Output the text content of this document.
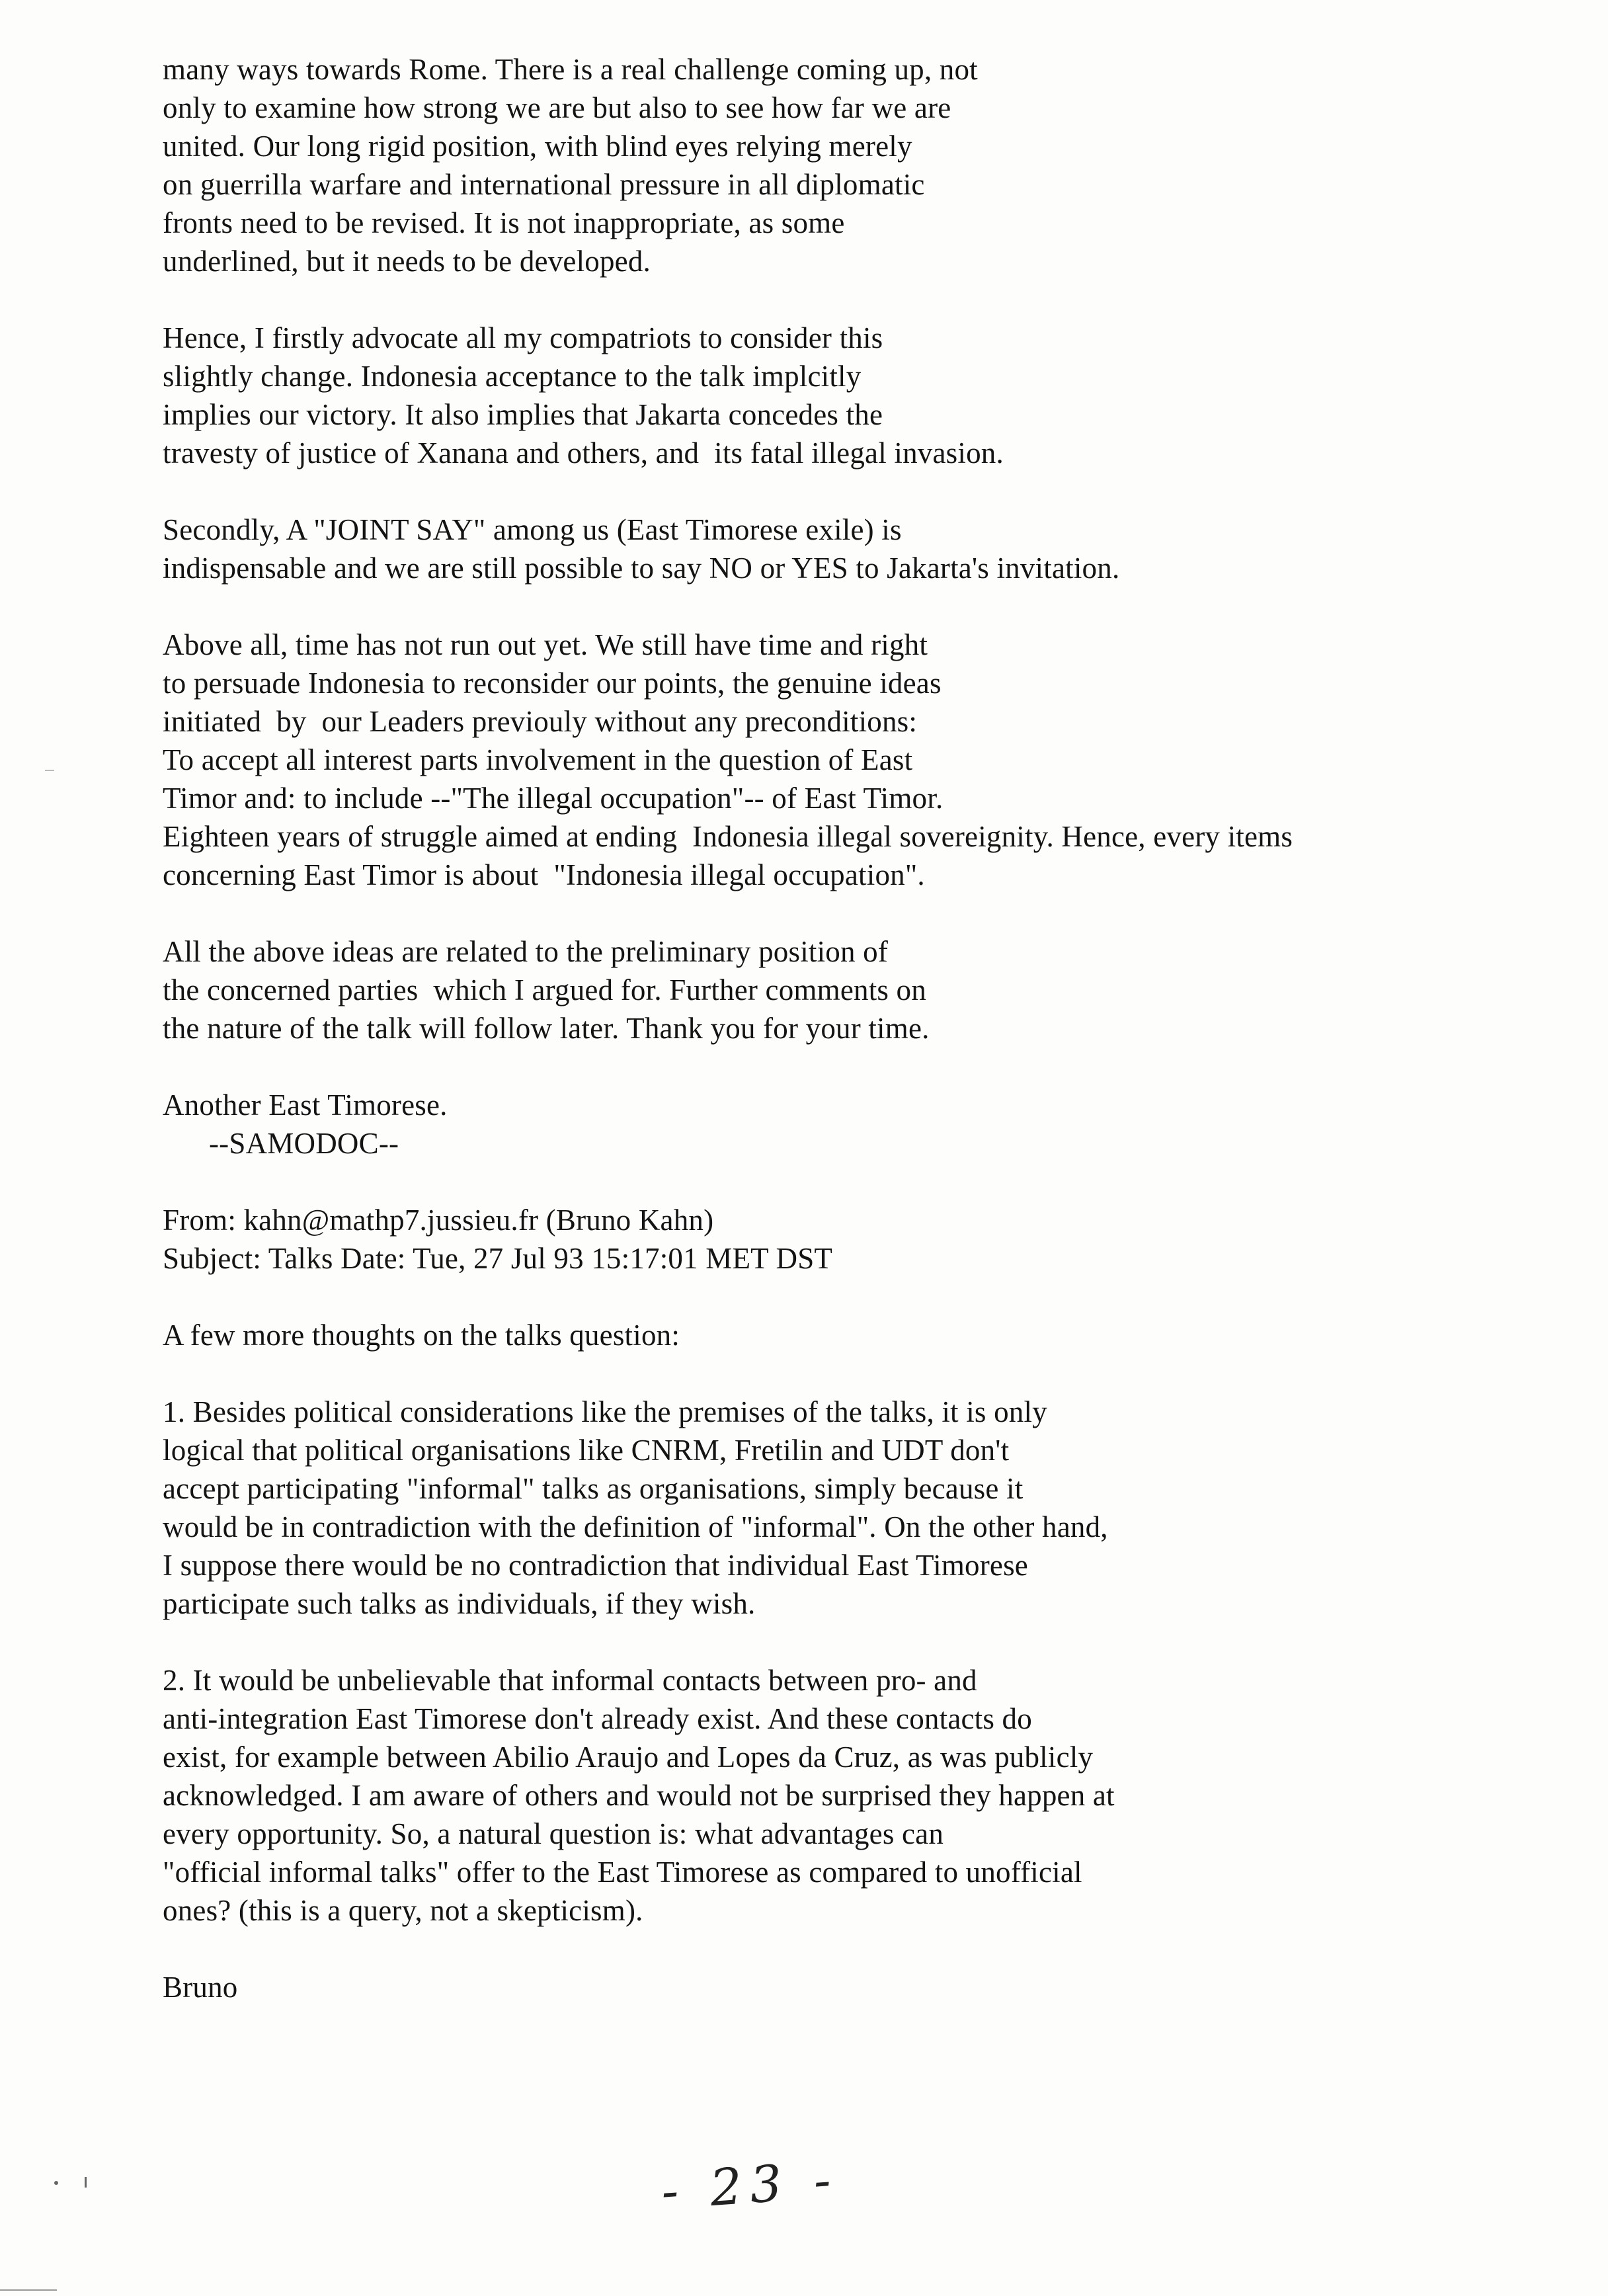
many ways towards Rome. There is a real challenge coming up, not
only to examine how strong we are but also to see how far we are
united. Our long rigid position, with blind eyes relying merely
on guerrilla warfare and international pressure in all diplomatic
fronts need to be revised. It is not inappropriate, as some
underlined, but it needs to be developed.
Hence, I firstly advocate all my compatriots to consider this
slightly change. Indonesia acceptance to the talk implcitly
implies our victory. It also implies that Jakarta concedes the
travesty of justice of Xanana and others, and  its fatal illegal invasion.
Secondly, A "JOINT SAY" among us (East Timorese exile) is
indispensable and we are still possible to say NO or YES to Jakarta's invitation.
Above all, time has not run out yet. We still have time and right
to persuade Indonesia to reconsider our points, the genuine ideas
initiated  by  our Leaders previouly without any preconditions:
To accept all interest parts involvement in the question of East
Timor and: to include --"The illegal occupation"-- of East Timor.
Eighteen years of struggle aimed at ending  Indonesia illegal sovereignity. Hence, every items
concerning East Timor is about  "Indonesia illegal occupation".
All the above ideas are related to the preliminary position of
the concerned parties  which I argued for. Further comments on
the nature of the talk will follow later. Thank you for your time.
Another East Timorese.
--SAMODOC--
From: kahn@mathp7.jussieu.fr (Bruno Kahn)
Subject: Talks Date: Tue, 27 Jul 93 15:17:01 MET DST
A few more thoughts on the talks question:
1. Besides political considerations like the premises of the talks, it is only
logical that political organisations like CNRM, Fretilin and UDT don't
accept participating "informal" talks as organisations, simply because it
would be in contradiction with the definition of "informal". On the other hand,
I suppose there would be no contradiction that individual East Timorese
participate such talks as individuals, if they wish.
2. It would be unbelievable that informal contacts between pro- and
anti-integration East Timorese don't already exist. And these contacts do
exist, for example between Abilio Araujo and Lopes da Cruz, as was publicly
acknowledged. I am aware of others and would not be surprised they happen at
every opportunity. So, a natural question is: what advantages can
"official informal talks" offer to the East Timorese as compared to unofficial
ones? (this is a query, not a skepticism).
Bruno
- 23 -
